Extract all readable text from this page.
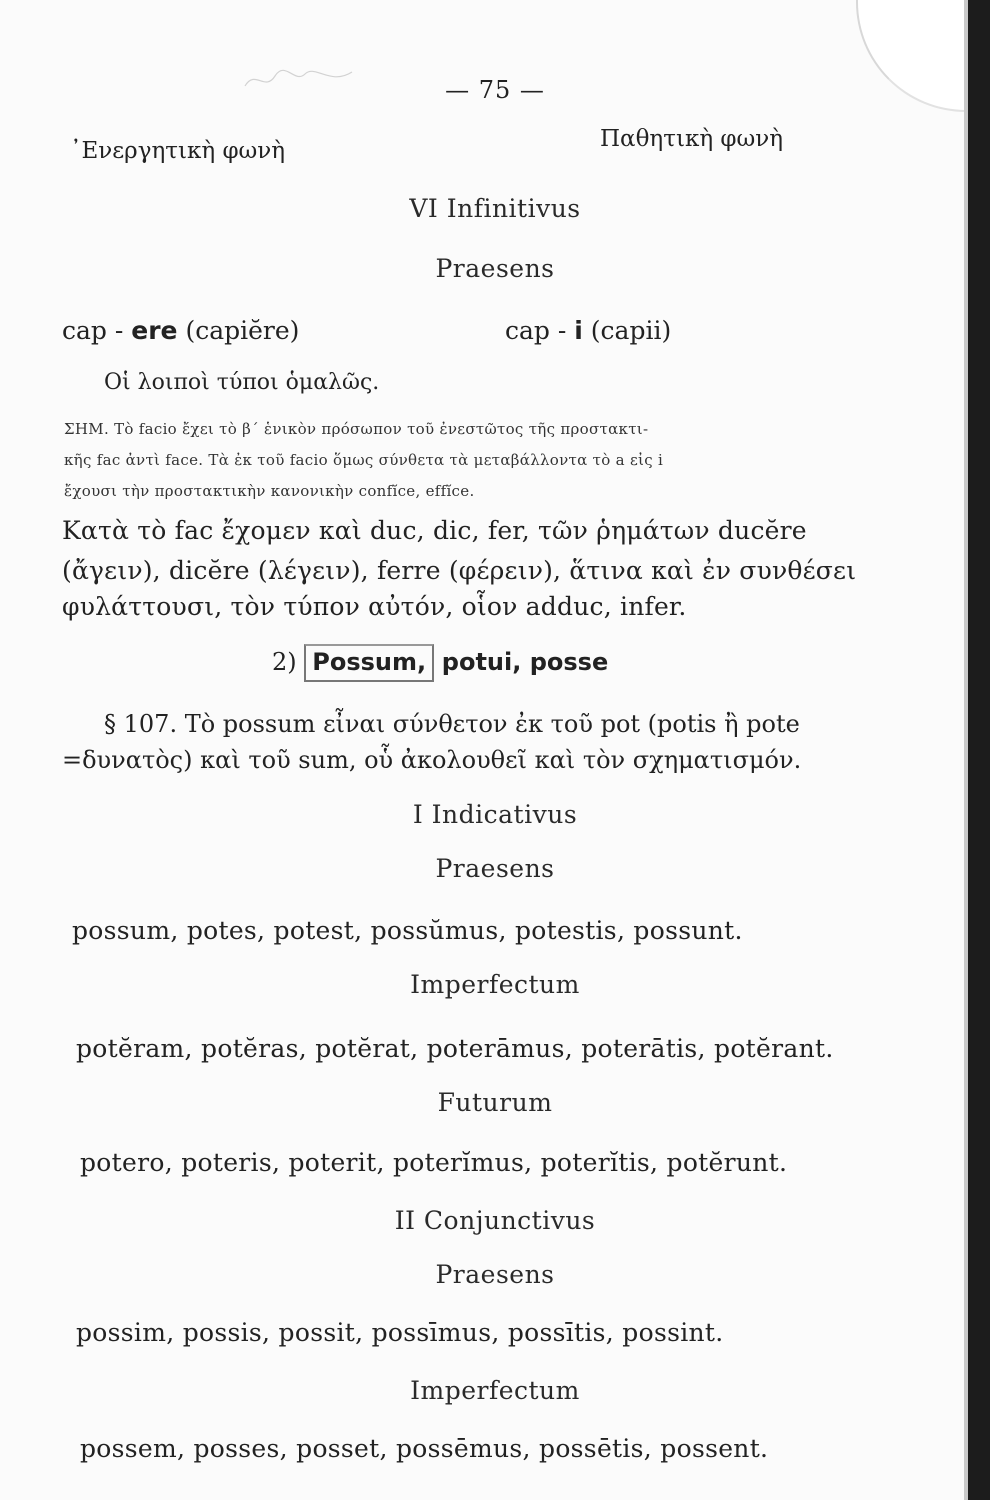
— 75 —
᾿Ενεργητικὴ φωνὴ	Παθητικὴ φωνὴ
VI Infinitivus
Praesens
cap - ere (capiĕre)	cap - i (capii)
Οἱ λοιποὶ τύποι ὁμαλῶς.
ΣΗΜ. Τὸ facio ἔχει τὸ β΄ ἑνικὸν πρόσωπον τοῦ ἐνεστῶτος τῆς προστακτι-
κῆς fac ἀντὶ face. Τὰ ἐκ τοῦ facio ὅμως σύνθετα τὰ μεταβάλλοντα τὸ a εἰς i
ἔχουσι τὴν προστακτικὴν κανονικὴν confĭce, effĭce.
Κατὰ τὸ fac ἔχομεν καὶ duc, dic, fer, τῶν ῥημάτων ducĕre
(ἄγειν), dicĕre (λέγειν), ferre (φέρειν), ἅτινα καὶ ἐν συνθέσει
φυλάττουσι, τὸν τύπον αὐτόν, οἷον adduc, infer.
2) Possum, potui, posse
§ 107. Τὸ possum εἶναι σύνθετον ἐκ τοῦ pot (potis ἢ pote
=δυνατὸς) καὶ τοῦ sum, οὗ ἀκολουθεῖ καὶ τὸν σχηματισμόν.
I Indicativus
Praesens
possum, potes, potest, possŭmus, potestis, possunt.
Imperfectum
potĕram, potĕras, potĕrat, poterāmus, poterātis, potĕrant.
Futurum
potero, poteris, poterit, poterĭmus, poterĭtis, potĕrunt.
II Conjunctivus
Praesens
possim, possis, possit, possīmus, possītis, possint.
Imperfectum
possem, posses, posset, possēmus, possētis, possent.
